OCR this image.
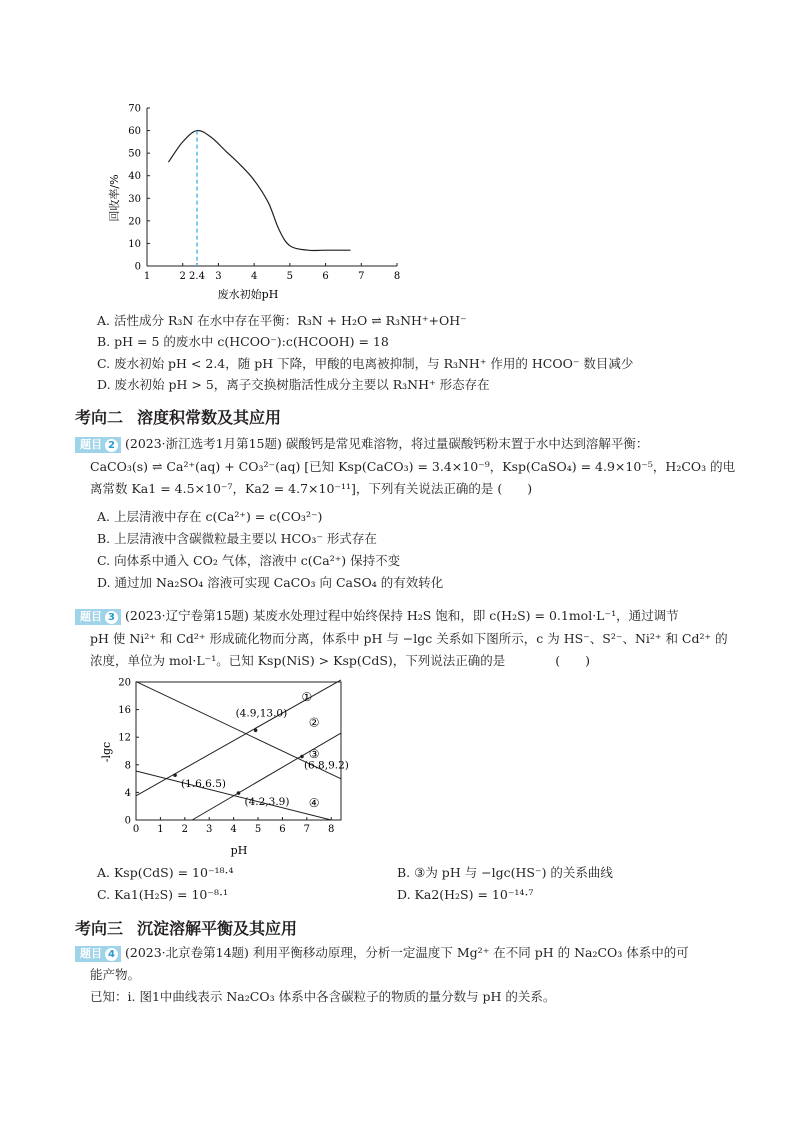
1	2 2.4 3	4	5	6	7	8
0
10
20
30
40
50
60
70
回收率/%
废水初始pH
A. 活性成分 R₃N 在水中存在平衡：R₃N + H₂O ⇌ R₃NH⁺+OH⁻
B. pH = 5 的废水中 c(HCOO⁻):c(HCOOH) = 18
C. 废水初始 pH < 2.4，随 pH 下降，甲酸的电离被抑制，与 R₃NH⁺ 作用的 HCOO⁻ 数目减少
D. 废水初始 pH > 5，离子交换树脂活性成分主要以 R₃NH⁺ 形态存在
考向二 溶度积常数及其应用
题目 2 (2023·浙江选考1月第15题) 碳酸钙是常见难溶物，将过量碳酸钙粉末置于水中达到溶解平衡：
CaCO₃(s) ⇌ Ca²⁺(aq) + CO₃²⁻(aq) [已知 Ksp(CaCO₃) = 3.4×10⁻⁹，Ksp(CaSO₄) = 4.9×10⁻⁵，H₂CO₃ 的电
离常数 Ka1 = 4.5×10⁻⁷，Ka2 = 4.7×10⁻¹¹]，下列有关说法正确的是 (　　)
A. 上层清液中存在 c(Ca²⁺) = c(CO₃²⁻)
B. 上层清液中含碳微粒最主要以 HCO₃⁻ 形式存在
C. 向体系中通入 CO₂ 气体，溶液中 c(Ca²⁺) 保持不变
D. 通过加 Na₂SO₄ 溶液可实现 CaCO₃ 向 CaSO₄ 的有效转化
题目 3 (2023·辽宁卷第15题) 某废水处理过程中始终保持 H₂S 饱和，即 c(H₂S) = 0.1mol·L⁻¹，通过调节
pH 使 Ni²⁺ 和 Cd²⁺ 形成硫化物而分离，体系中 pH 与 −lgc 关系如下图所示，c 为 HS⁻、S²⁻、Ni²⁺ 和 Cd²⁺ 的
浓度，单位为 mol·L⁻¹。已知 Ksp(NiS) > Ksp(CdS)，下列说法正确的是　　　　(　　)
0 1 2 3 4 5 6 7 8
0
4
8
12
16
20
①
②
③
④
(4.9,13.0)
(6.8,9.2)
(1.6,6.5)
(4.2,3.9)
-lgc
pH
A. Ksp(CdS) = 10⁻¹⁸·⁴	B. ③为 pH 与 −lgc(HS⁻) 的关系曲线
C. Ka1(H₂S) = 10⁻⁸·¹	D. Ka2(H₂S) = 10⁻¹⁴·⁷
考向三 沉淀溶解平衡及其应用
题目 4 (2023·北京卷第14题) 利用平衡移动原理，分析一定温度下 Mg²⁺ 在不同 pH 的 Na₂CO₃ 体系中的可
能产物。
已知：i. 图1中曲线表示 Na₂CO₃ 体系中各含碳粒子的物质的量分数与 pH 的关系。
